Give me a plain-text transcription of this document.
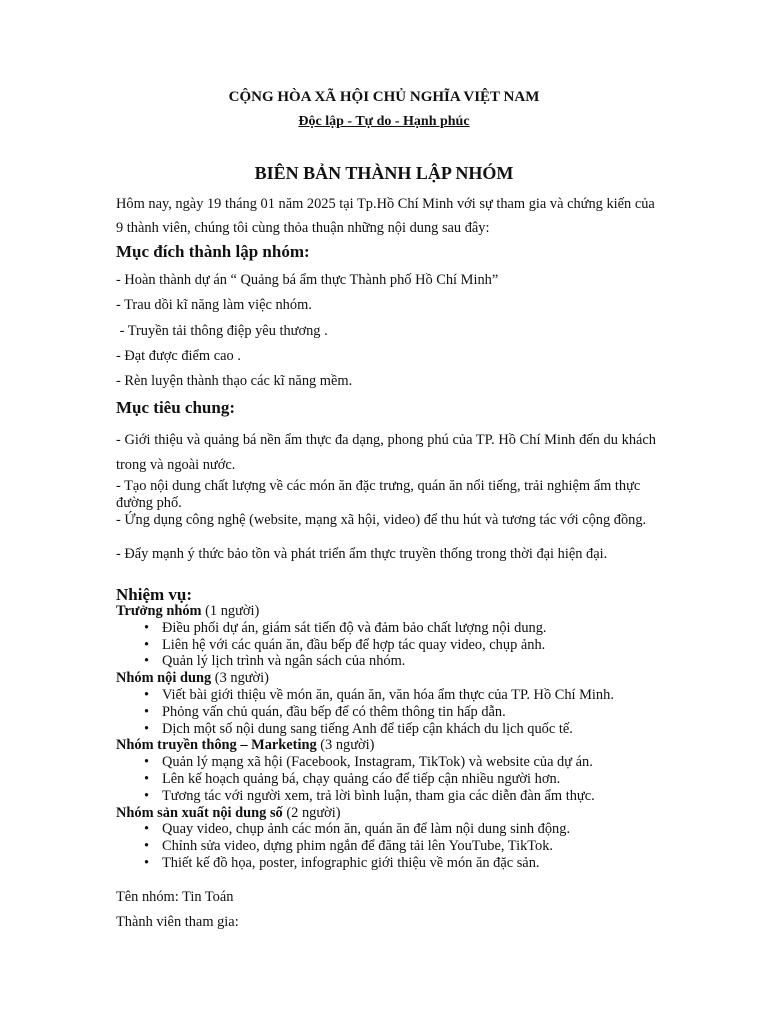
CỘNG HÒA XÃ HỘI CHỦ NGHĨA VIỆT NAM
Độc lập - Tự do - Hạnh phúc
BIÊN BẢN THÀNH LẬP NHÓM
Hôm nay, ngày 19 tháng 01 năm 2025 tại Tp.Hồ Chí Minh với sự tham gia và chứng kiến của 9 thành viên, chúng tôi cùng thỏa thuận những nội dung sau đây:
Mục đích thành lập nhóm:
- Hoàn thành dự án “ Quảng bá ẩm thực Thành phố Hồ Chí Minh”
- Trau dồi kĩ năng làm việc nhóm.
- Truyền tải thông điệp yêu thương .
- Đạt được điểm cao .
- Rèn luyện thành thạo các kĩ năng mềm.
Mục tiêu chung:
- Giới thiệu và quảng bá nền ẩm thực đa dạng, phong phú của TP. Hồ Chí Minh đến du khách trong và ngoài nước.
- Tạo nội dung chất lượng về các món ăn đặc trưng, quán ăn nổi tiếng, trải nghiệm ẩm thực đường phố.
- Ứng dụng công nghệ (website, mạng xã hội, video) để thu hút và tương tác với cộng đồng.
- Đẩy mạnh ý thức bảo tồn và phát triển ẩm thực truyền thống trong thời đại hiện đại.
Nhiệm vụ:

Trưởng nhóm (1 người)

• Điều phối dự án, giám sát tiến độ và đảm bảo chất lượng nội dung.
• Liên hệ với các quán ăn, đầu bếp để hợp tác quay video, chụp ảnh.
• Quản lý lịch trình và ngân sách của nhóm.

Nhóm nội dung (3 người)

• Viết bài giới thiệu về món ăn, quán ăn, văn hóa ẩm thực của TP. Hồ Chí Minh.
• Phỏng vấn chủ quán, đầu bếp để có thêm thông tin hấp dẫn.
• Dịch một số nội dung sang tiếng Anh để tiếp cận khách du lịch quốc tế.

Nhóm truyền thông – Marketing (3 người)

• Quản lý mạng xã hội (Facebook, Instagram, TikTok) và website của dự án.
• Lên kế hoạch quảng bá, chạy quảng cáo để tiếp cận nhiều người hơn.
• Tương tác với người xem, trả lời bình luận, tham gia các diễn đàn ẩm thực.

Nhóm sản xuất nội dung số (2 người)

• Quay video, chụp ảnh các món ăn, quán ăn để làm nội dung sinh động.
• Chỉnh sửa video, dựng phim ngắn để đăng tải lên YouTube, TikTok.
• Thiết kế đồ họa, poster, infographic giới thiệu về món ăn đặc sản.
Tên nhóm: Tin Toán
Thành viên tham gia:
